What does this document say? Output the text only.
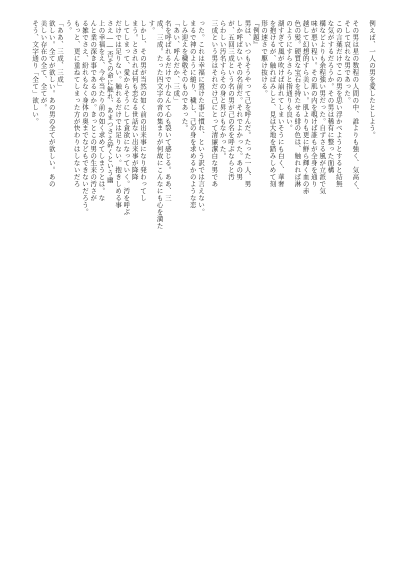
例えば、一人の男を愛したとしよう。

その男は星の数程の人間の中、誰よりも強く、気高く、

そして哀れな男であった。

この言葉だけでこの男を思い浮かべようとすると結無

な気がするだろうか。その男は稀有に整った面構

構などよりも余程強い男だった。自ずさる風が立派で気

味が悪い程い。その肌の内を覗けば誰もが全身を通り

越して幻想的すら美しい。肌よりも更に鮮ら輝く血の赤

色の髪。硬質な宝石を持たせる緋の色は、触れれば淋

のようにすらさらと指通りも良い。

湖すぎて風が吹けば崩れてしまいそうにも白く、華奢

を抱けるが、触ればみしと、見は大地を踏みしめて刻

形の速さで駆け抜ける。

『例題』

男は、いつもそうやって己を呼んだ。たった一人、男

しか呼ばないその名前だ。それでよかった。あの男

が、五回三成という名の男が己の名を呼ぶならと汚

らわしい汚名すらその身と昇びもなかった。

三成という男はそれだけ己にとって清廉潔白な男であ

った。これは幸福に置けた事に慣れ、という訳では言えない。

まるで神のように縋り、穢し、己の身を求めるかのような恋

しみ迎えを穢敬そのものであった。

「あい、呼んだか、三成」

名を呼ばれるだけで小なんて心も裂いて感じる。ああ、三

成、三成。たった四文字の音の集まりが何故にこんなにも心を満た

す。

しかし、その男が当然の如く前の出来事になり発わってし

まう。とされれば何も恋なる世話ない出来事が降降

してしまって、愛からそうにして貪欲になっていく。汚を呼ぶ

だけでは足りない。触れるだけでは足りない。抱きしめる事

さえ――否その命に触れ、あまつさえ砕くという幽

上の幸福をえ、今や当たり前の如く求めてしまうとは。な

んと業の深き事であるのか。きっとこの男の生来の汚さが

る雑でさえ、紛れもなく身体の奥までなどもできないだろう。

もっと、更に重ねてしまった方が快わりはしないだろ

う。

「ああ、三成、三成」

欲しい。全てが欲しい。あの男の全てが欲しい。あの

美しい存在の全て、全てが。

そう、文字通り「全て」欲しい。
